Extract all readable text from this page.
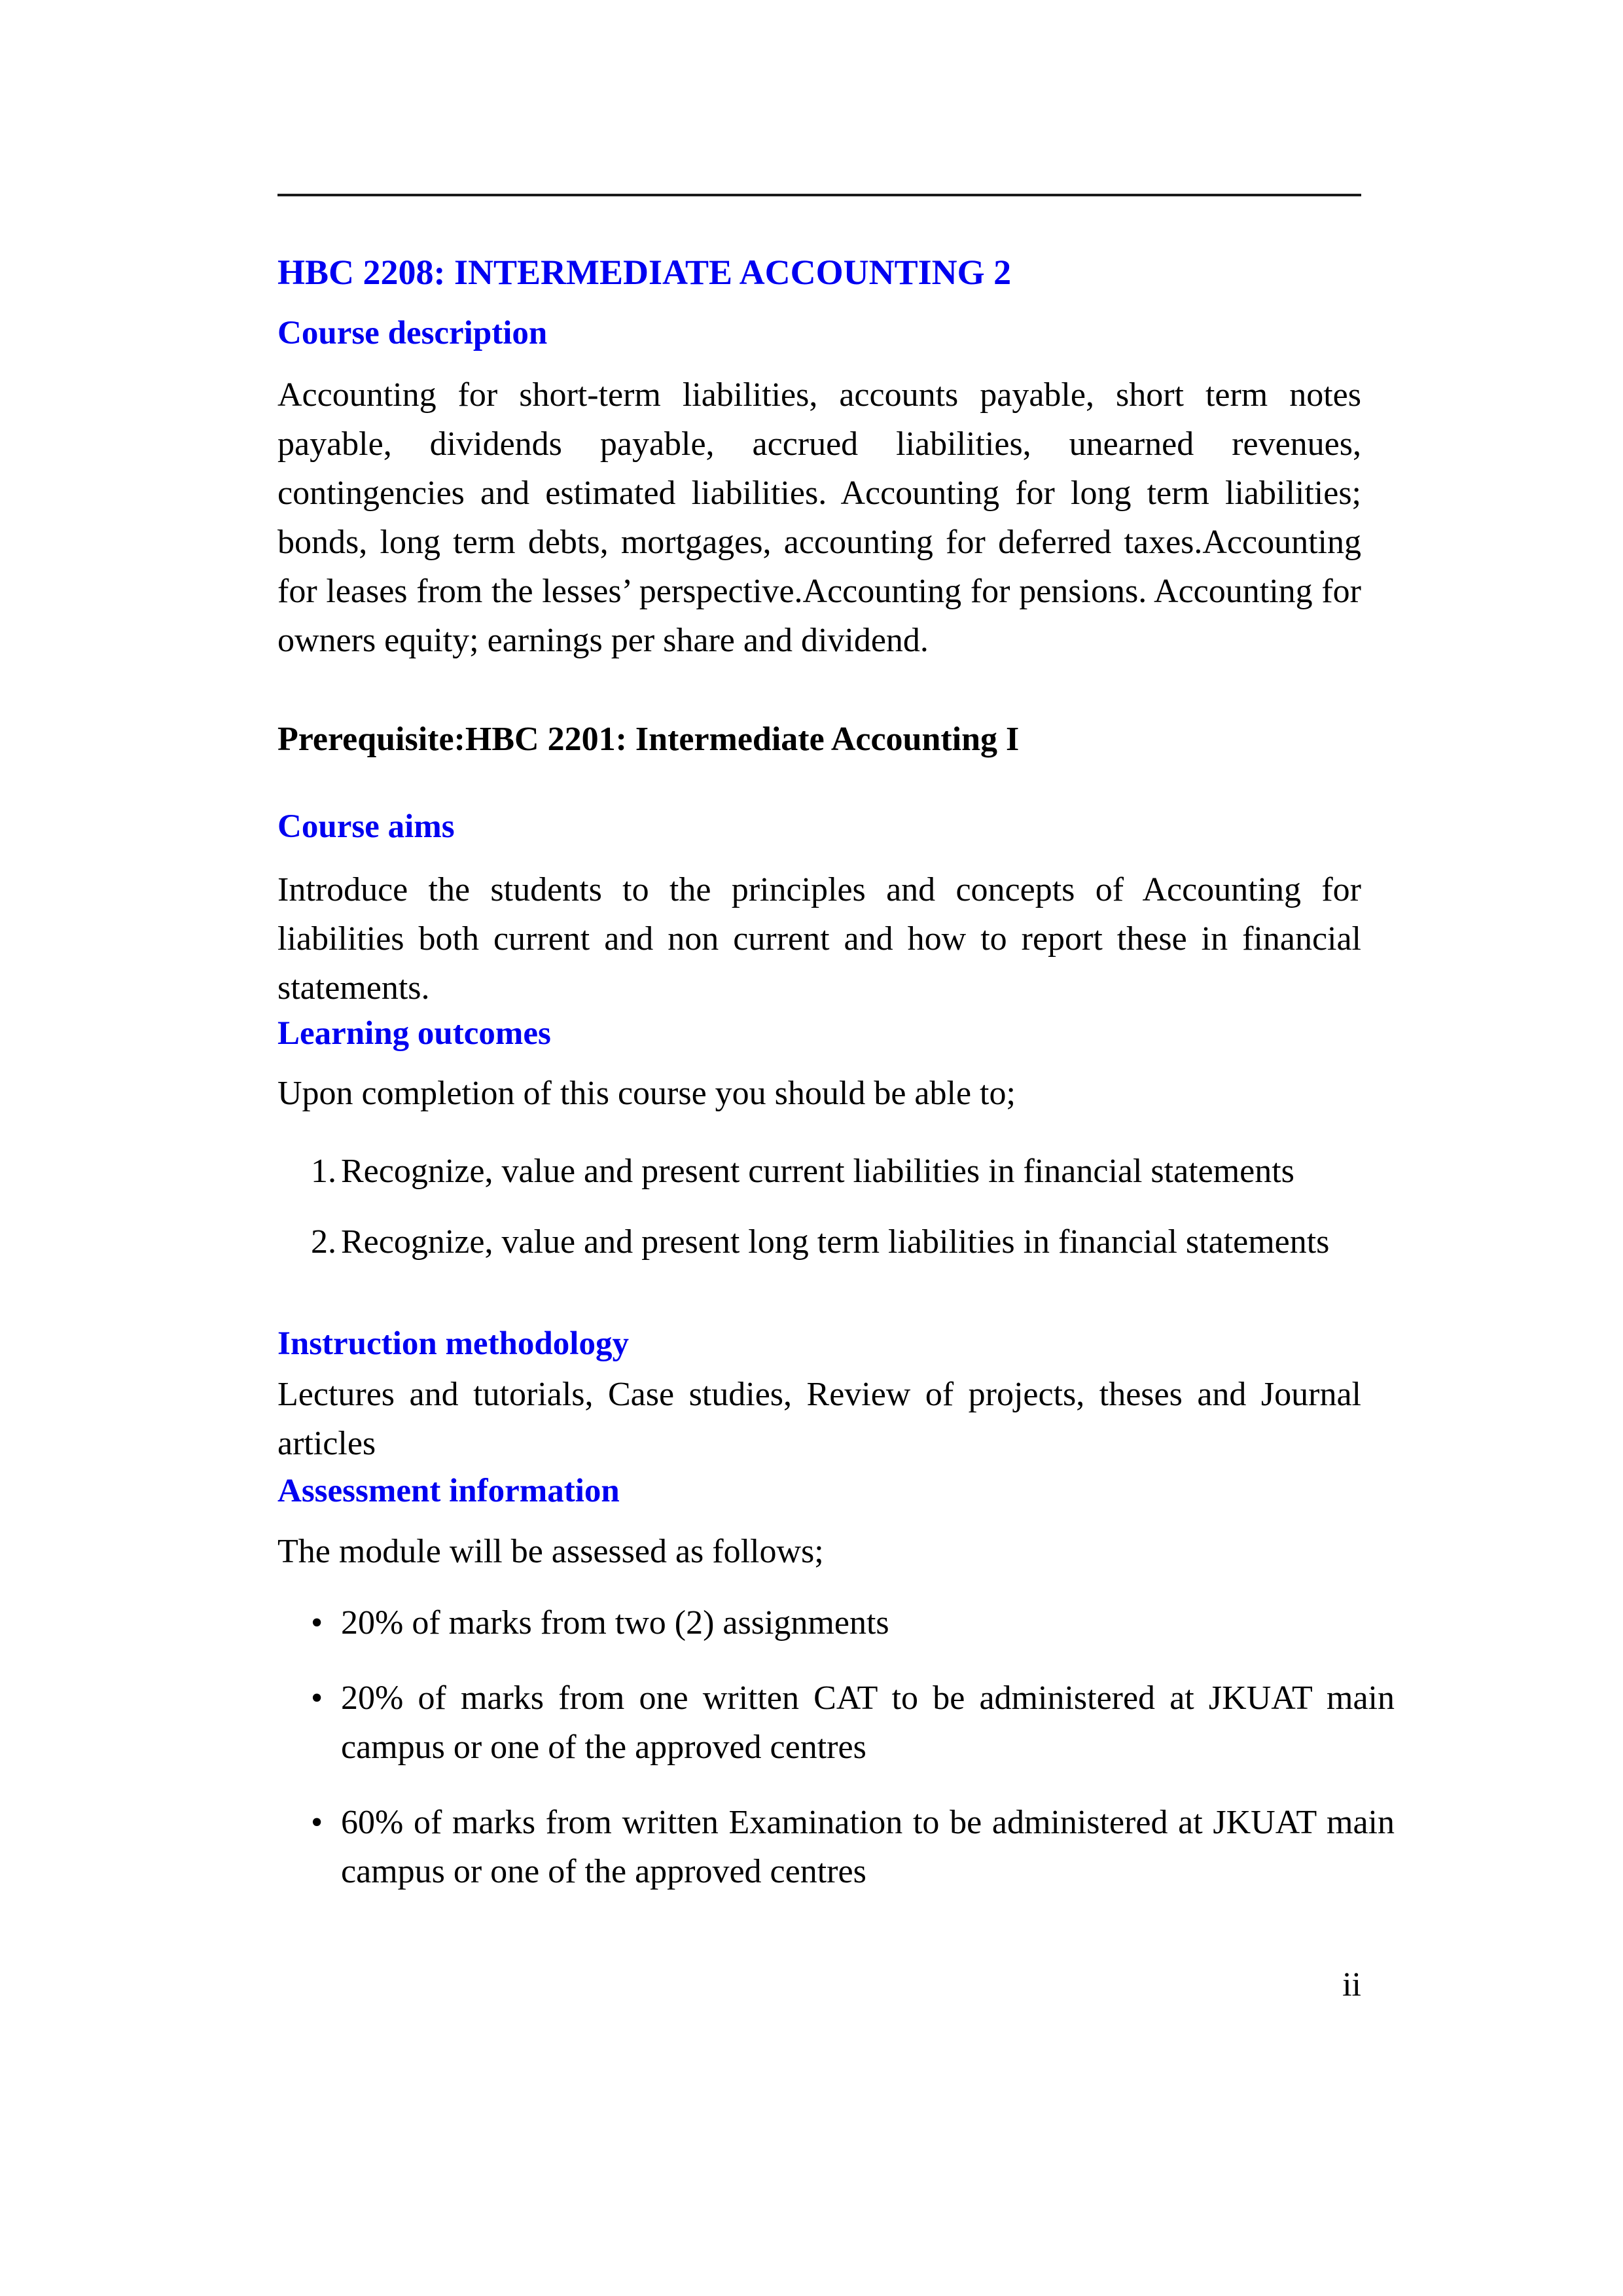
HBC 2208: INTERMEDIATE ACCOUNTING 2
Course description

Accounting for short-term liabilities, accounts payable, short term notes payable, dividends payable, accrued liabilities, unearned revenues, contingencies and estimated liabilities. Accounting for long term liabilities; bonds, long term debts, mortgages, accounting for deferred taxes.Accounting for leases from the lesses’ perspective.Accounting for pensions. Accounting for owners equity; earnings per share and dividend.

Prerequisite:HBC 2201: Intermediate Accounting I

Course aims

Introduce the students to the principles and concepts of Accounting for liabilities both current and non current and how to report these in financial statements.

Learning outcomes

Upon completion of this course you should be able to;

1. Recognize, value and present current liabilities in financial statements
2. Recognize, value and present long term liabilities in financial statements
Instruction methodology

Lectures and tutorials, Case studies, Review of projects, theses and Journal articles

Assessment information

The module will be assessed as follows;

• 20% of marks from two (2) assignments
• 20% of marks from one written CAT to be administered at JKUAT main campus or one of the approved centres
• 60% of marks from written Examination to be administered at JKUAT main campus or one of the approved centres
ii
